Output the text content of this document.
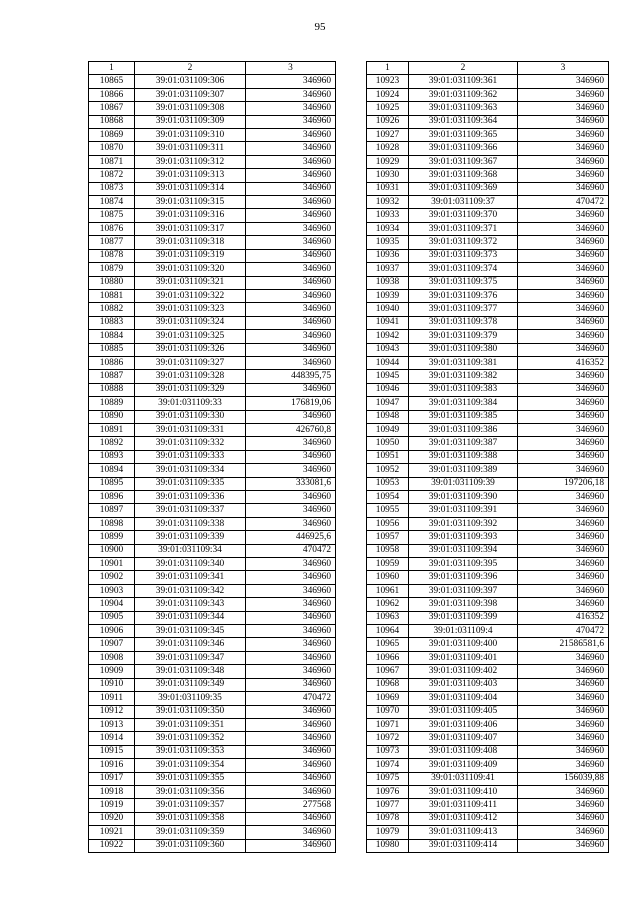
95
1	2	3
10865	39:01:031109:306	346960
10866	39:01:031109:307	346960
10867	39:01:031109:308	346960
10868	39:01:031109:309	346960
10869	39:01:031109:310	346960
10870	39:01:031109:311	346960
10871	39:01:031109:312	346960
10872	39:01:031109:313	346960
10873	39:01:031109:314	346960
10874	39:01:031109:315	346960
10875	39:01:031109:316	346960
10876	39:01:031109:317	346960
10877	39:01:031109:318	346960
10878	39:01:031109:319	346960
10879	39:01:031109:320	346960
10880	39:01:031109:321	346960
10881	39:01:031109:322	346960
10882	39:01:031109:323	346960
10883	39:01:031109:324	346960
10884	39:01:031109:325	346960
10885	39:01:031109:326	346960
10886	39:01:031109:327	346960
10887	39:01:031109:328	448395,75
10888	39:01:031109:329	346960
10889	39:01:031109:33	176819,06
10890	39:01:031109:330	346960
10891	39:01:031109:331	426760,8
10892	39:01:031109:332	346960
10893	39:01:031109:333	346960
10894	39:01:031109:334	346960
10895	39:01:031109:335	333081,6
10896	39:01:031109:336	346960
10897	39:01:031109:337	346960
10898	39:01:031109:338	346960
10899	39:01:031109:339	446925,6
10900	39:01:031109:34	470472
10901	39:01:031109:340	346960
10902	39:01:031109:341	346960
10903	39:01:031109:342	346960
10904	39:01:031109:343	346960
10905	39:01:031109:344	346960
10906	39:01:031109:345	346960
10907	39:01:031109:346	346960
10908	39:01:031109:347	346960
10909	39:01:031109:348	346960
10910	39:01:031109:349	346960
10911	39:01:031109:35	470472
10912	39:01:031109:350	346960
10913	39:01:031109:351	346960
10914	39:01:031109:352	346960
10915	39:01:031109:353	346960
10916	39:01:031109:354	346960
10917	39:01:031109:355	346960
10918	39:01:031109:356	346960
10919	39:01:031109:357	277568
10920	39:01:031109:358	346960
10921	39:01:031109:359	346960
10922	39:01:031109:360	346960
1	2	3
10923	39:01:031109:361	346960
10924	39:01:031109:362	346960
10925	39:01:031109:363	346960
10926	39:01:031109:364	346960
10927	39:01:031109:365	346960
10928	39:01:031109:366	346960
10929	39:01:031109:367	346960
10930	39:01:031109:368	346960
10931	39:01:031109:369	346960
10932	39:01:031109:37	470472
10933	39:01:031109:370	346960
10934	39:01:031109:371	346960
10935	39:01:031109:372	346960
10936	39:01:031109:373	346960
10937	39:01:031109:374	346960
10938	39:01:031109:375	346960
10939	39:01:031109:376	346960
10940	39:01:031109:377	346960
10941	39:01:031109:378	346960
10942	39:01:031109:379	346960
10943	39:01:031109:380	346960
10944	39:01:031109:381	416352
10945	39:01:031109:382	346960
10946	39:01:031109:383	346960
10947	39:01:031109:384	346960
10948	39:01:031109:385	346960
10949	39:01:031109:386	346960
10950	39:01:031109:387	346960
10951	39:01:031109:388	346960
10952	39:01:031109:389	346960
10953	39:01:031109:39	197206,18
10954	39:01:031109:390	346960
10955	39:01:031109:391	346960
10956	39:01:031109:392	346960
10957	39:01:031109:393	346960
10958	39:01:031109:394	346960
10959	39:01:031109:395	346960
10960	39:01:031109:396	346960
10961	39:01:031109:397	346960
10962	39:01:031109:398	346960
10963	39:01:031109:399	416352
10964	39:01:031109:4	470472
10965	39:01:031109:400	21586581,6
10966	39:01:031109:401	346960
10967	39:01:031109:402	346960
10968	39:01:031109:403	346960
10969	39:01:031109:404	346960
10970	39:01:031109:405	346960
10971	39:01:031109:406	346960
10972	39:01:031109:407	346960
10973	39:01:031109:408	346960
10974	39:01:031109:409	346960
10975	39:01:031109:41	156039,88
10976	39:01:031109:410	346960
10977	39:01:031109:411	346960
10978	39:01:031109:412	346960
10979	39:01:031109:413	346960
10980	39:01:031109:414	346960
